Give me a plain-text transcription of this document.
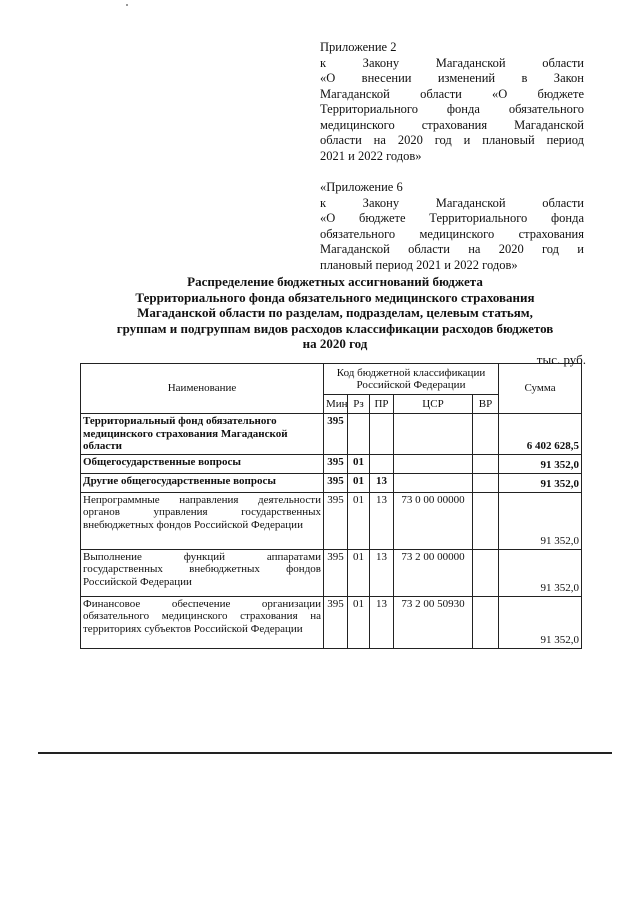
Приложение 2

к Закону Магаданской области

«О внесении изменений в Закон

Магаданской области «О бюджете

Территориального фонда обязательного

медицинского страхования Магаданской

области на 2020 год и плановый период

2021 и 2022 годов»

«Приложение 6

к Закону Магаданской области

«О бюджете Территориального фонда

обязательного медицинского страхования

Магаданской области на 2020 год и

плановый период 2021 и 2022 годов»

Распределение бюджетных ассигнований бюджета

Территориального фонда обязательного медицинского страхования

Магаданской области по разделам, подразделам, целевым статьям,

группам и подгруппам видов расходов классификации расходов бюджетов

на 2020 год

тыс. руб.
Наименование	Код бюджетной классификации Российской Федерации					Сумма
	Мин	Рз	ПР	ЦСР	ВР	
Территориальный фонд обязательного медицинского страхования Магаданской области	395					6 402 628,5
Общегосударственные вопросы	395	01				91 352,0
Другие общегосударственные вопросы	395	01	13			91 352,0
Непрограммные направления деятельности органов управления государственных внебюджетных фондов Российской Федерации	395	01	13	73 0 00 00000		91 352,0
Выполнение функций аппаратами государственных внебюджетных фондов Российской Федерации	395	01	13	73 2 00 00000		91 352,0
Финансовое обеспечение организации обязательного медицинского страхования на территориях субъектов Российской Федерации	395	01	13	73 2 00 50930		91 352,0
